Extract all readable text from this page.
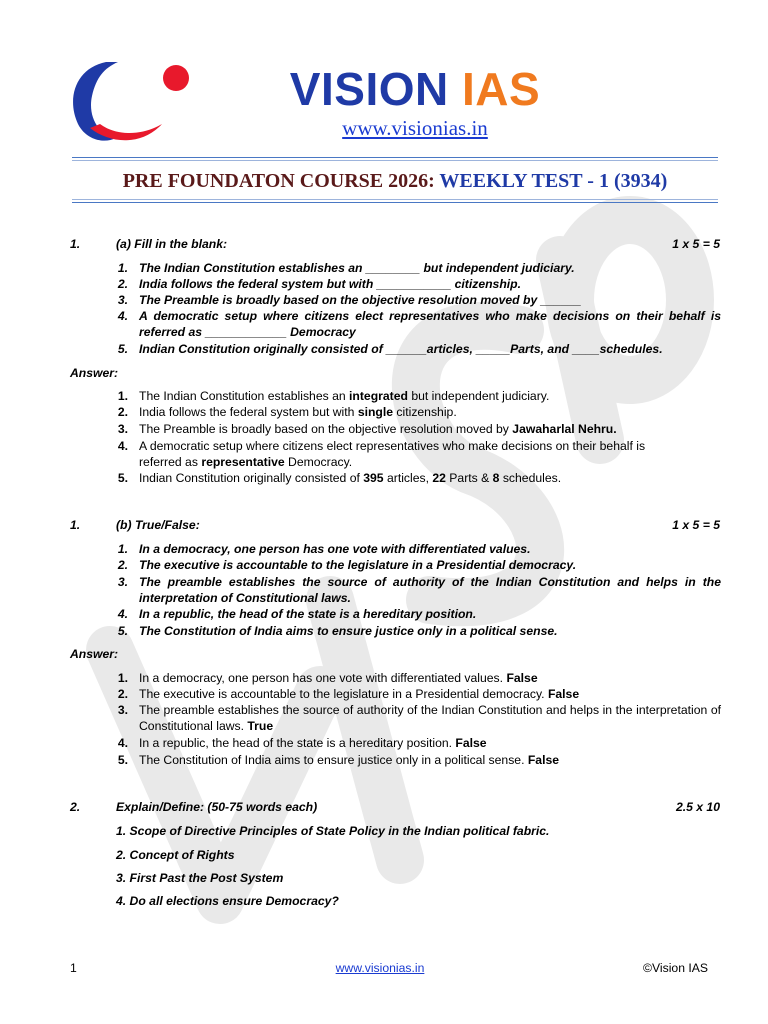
VISION IAS
www.visionias.in
PRE FOUNDATON COURSE 2026: WEEKLY TEST - 1 (3934)
1.	(a) Fill in the blank:	1 x 5 = 5
1. The Indian Constitution establishes an ________ but independent judiciary.
2. India follows the federal system but with ___________ citizenship.
3. The Preamble is broadly based on the objective resolution moved by ______
4. A democratic setup where citizens elect representatives who make decisions on their behalf is referred as ____________ Democracy
5. Indian Constitution originally consisted of ______articles, _____Parts, and ____schedules.
Answer:
1. The Indian Constitution establishes an integrated but independent judiciary.
2. India follows the federal system but with single citizenship.
3. The Preamble is broadly based on the objective resolution moved by Jawaharlal Nehru.
4. A democratic setup where citizens elect representatives who make decisions on their behalf is
referred as representative Democracy.
5. Indian Constitution originally consisted of 395 articles, 22 Parts & 8 schedules.
1.	(b) True/False:	1 x 5 = 5
1. In a democracy, one person has one vote with differentiated values.
2. The executive is accountable to the legislature in a Presidential democracy.
3. The preamble establishes the source of authority of the Indian Constitution and helps in the interpretation of Constitutional laws.
4. In a republic, the head of the state is a hereditary position.
5. The Constitution of India aims to ensure justice only in a political sense.
Answer:
1. In a democracy, one person has one vote with differentiated values. False
2. The executive is accountable to the legislature in a Presidential democracy. False
3. The preamble establishes the source of authority of the Indian Constitution and helps in the interpretation of Constitutional laws. True
4. In a republic, the head of the state is a hereditary position. False
5. The Constitution of India aims to ensure justice only in a political sense. False
2.	Explain/Define: (50-75 words each)	2.5 x 10
1. Scope of Directive Principles of State Policy in the Indian political fabric.
2. Concept of Rights
3. First Past the Post System
4. Do all elections ensure Democracy?
1	www.visionias.in	©Vision IAS
